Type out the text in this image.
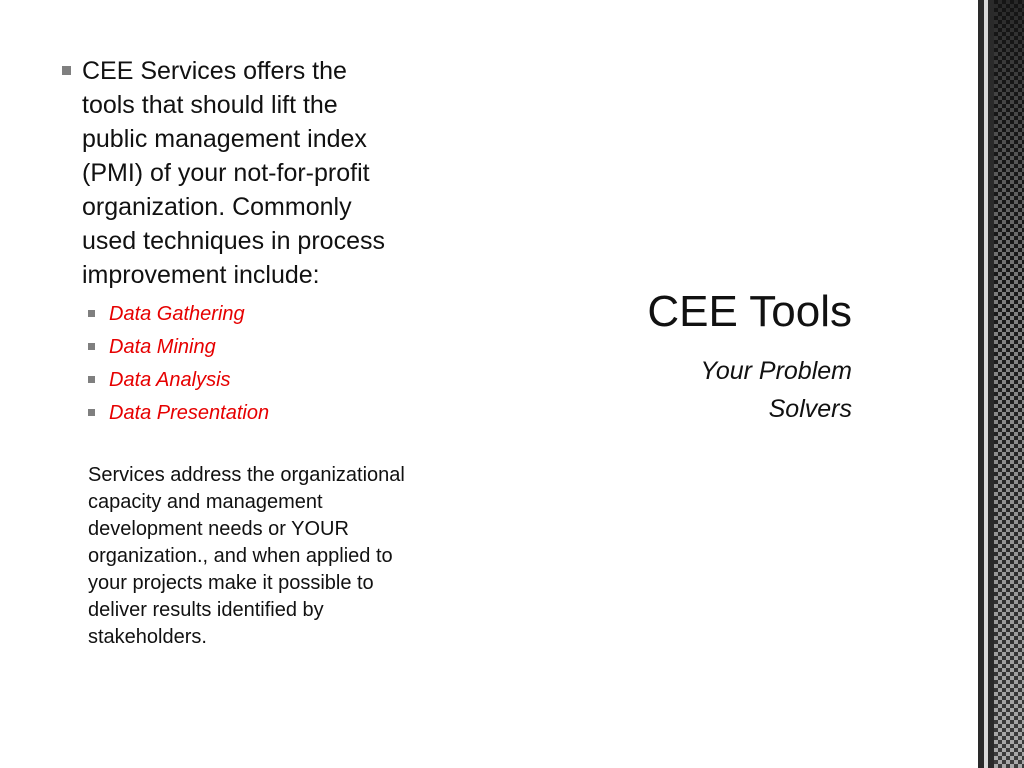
CEE Services offers the
tools that should lift the
public management index
(PMI) of your not-for-profit
organization. Commonly
used techniques in process
improvement include:
Data Gathering
Data Mining
Data Analysis
Data Presentation

Services address the organizational
capacity and management
development needs or YOUR
organization., and when applied to
your projects make it possible to
deliver results identified by
stakeholders.

CEE Tools
Your Problem
Solvers
